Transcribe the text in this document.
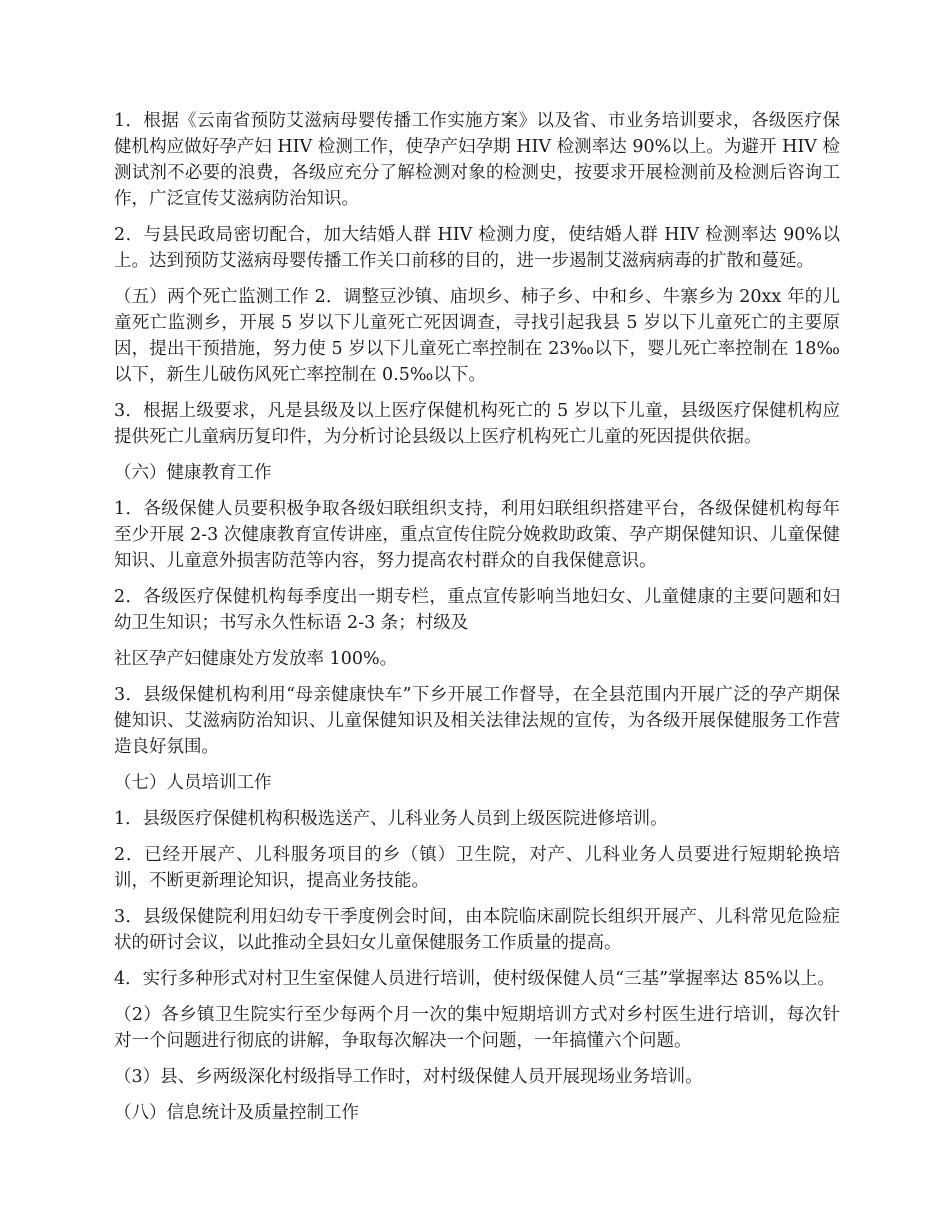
1．根据《云南省预防艾滋病母婴传播工作实施方案》以及省、市业务培训要求，各级医疗保健机构应做好孕产妇 HIV 检测工作，使孕产妇孕期 HIV 检测率达 90%以上。为避开 HIV 检测试剂不必要的浪费，各级应充分了解检测对象的检测史，按要求开展检测前及检测后咨询工作，广泛宣传艾滋病防治知识。

2．与县民政局密切配合，加大结婚人群 HIV 检测力度，使结婚人群 HIV 检测率达 90%以上。达到预防艾滋病母婴传播工作关口前移的目的，进一步遏制艾滋病病毒的扩散和蔓延。

（五）两个死亡监测工作 2．调整豆沙镇、庙坝乡、柿子乡、中和乡、牛寨乡为 20xx 年的儿童死亡监测乡，开展 5 岁以下儿童死亡死因调查，寻找引起我县 5 岁以下儿童死亡的主要原因，提出干预措施，努力使 5 岁以下儿童死亡率控制在 23‰以下，婴儿死亡率控制在 18‰以下，新生儿破伤风死亡率控制在 0.5‰以下。

3．根据上级要求，凡是县级及以上医疗保健机构死亡的 5 岁以下儿童，县级医疗保健机构应提供死亡儿童病历复印件，为分析讨论县级以上医疗机构死亡儿童的死因提供依据。

（六）健康教育工作

1．各级保健人员要积极争取各级妇联组织支持，利用妇联组织搭建平台，各级保健机构每年至少开展 2-3 次健康教育宣传讲座，重点宣传住院分娩救助政策、孕产期保健知识、儿童保健知识、儿童意外损害防范等内容，努力提高农村群众的自我保健意识。

2．各级医疗保健机构每季度出一期专栏，重点宣传影响当地妇女、儿童健康的主要问题和妇幼卫生知识；书写永久性标语 2-3 条；村级及

社区孕产妇健康处方发放率 100%。

3．县级保健机构利用“母亲健康快车”下乡开展工作督导，在全县范围内开展广泛的孕产期保健知识、艾滋病防治知识、儿童保健知识及相关法律法规的宣传，为各级开展保健服务工作营造良好氛围。

（七）人员培训工作

1．县级医疗保健机构积极选送产、儿科业务人员到上级医院进修培训。

2．已经开展产、儿科服务项目的乡（镇）卫生院，对产、儿科业务人员要进行短期轮换培训，不断更新理论知识，提高业务技能。

3．县级保健院利用妇幼专干季度例会时间，由本院临床副院长组织开展产、儿科常见危险症状的研讨会议，以此推动全县妇女儿童保健服务工作质量的提高。

4．实行多种形式对村卫生室保健人员进行培训，使村级保健人员“三基”掌握率达 85%以上。

（2）各乡镇卫生院实行至少每两个月一次的集中短期培训方式对乡村医生进行培训，每次针对一个问题进行彻底的讲解，争取每次解决一个问题，一年搞懂六个问题。

（3）县、乡两级深化村级指导工作时，对村级保健人员开展现场业务培训。

（八）信息统计及质量控制工作
